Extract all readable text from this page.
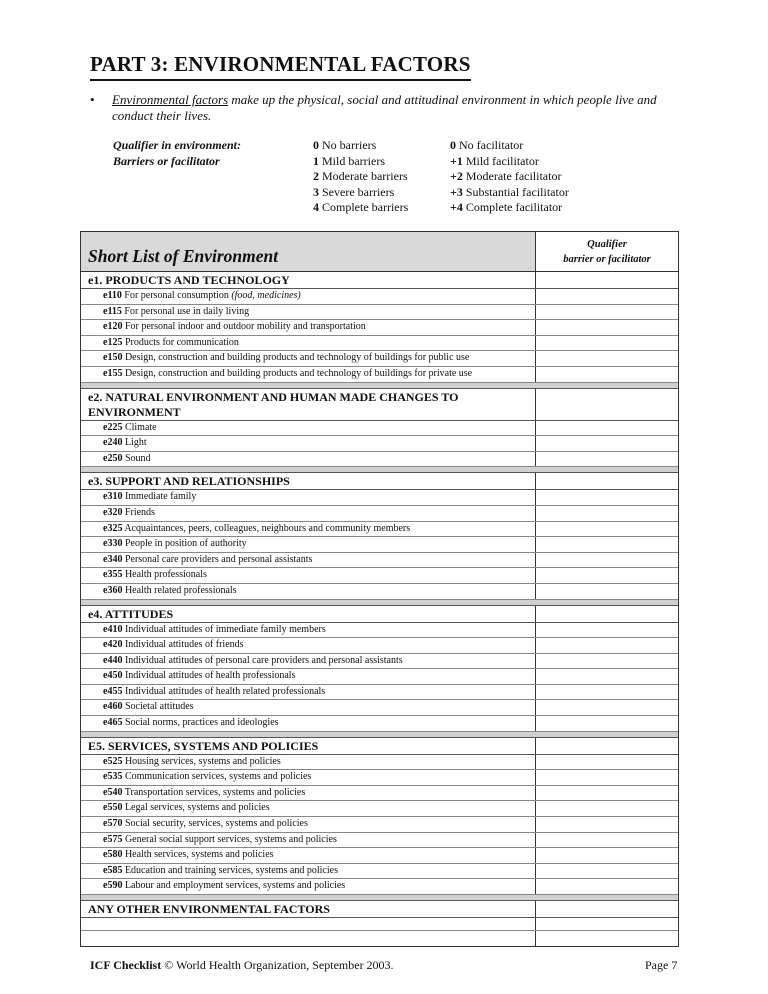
PART 3: ENVIRONMENTAL FACTORS
•	Environmental factors make up the physical, social and attitudinal environment in which people live and conduct their lives.
Qualifier in environment:
Barriers or facilitator
0 No barriers
1 Mild barriers
2 Moderate barriers
3 Severe barriers
4 Complete barriers
0 No facilitator
+1 Mild facilitator
+2 Moderate facilitator
+3 Substantial facilitator
+4 Complete facilitator
Short List of Environment
Qualifier
barrier or facilitator
e1. PRODUCTS AND TECHNOLOGY
e110 For personal consumption (food, medicines)
e115 For personal use in daily living
e120 For personal indoor and outdoor mobility and transportation
e125 Products for communication
e150 Design, construction and building products and technology of buildings for public use
e155 Design, construction and building products and technology of buildings for private use
e2. NATURAL ENVIRONMENT AND HUMAN MADE CHANGES TO ENVIRONMENT
e225 Climate
e240 Light
e250 Sound
e3. SUPPORT AND RELATIONSHIPS
e310 Immediate family
e320 Friends
e325 Acquaintances, peers, colleagues, neighbours and community members
e330 People in position of authority
e340 Personal care providers and personal assistants
e355 Health professionals
e360 Health related professionals
e4. ATTITUDES
e410 Individual attitudes of immediate family members
e420 Individual attitudes of friends
e440 Individual attitudes of personal care providers and personal assistants
e450 Individual attitudes of health professionals
e455 Individual attitudes of health related professionals
e460 Societal attitudes
e465 Social norms, practices and ideologies
E5. SERVICES, SYSTEMS AND POLICIES
e525 Housing services, systems and policies
e535 Communication services, systems and policies
e540 Transportation services, systems and policies
e550 Legal services, systems and policies
e570 Social security, services, systems and policies
e575 General social support services, systems and policies
e580 Health services, systems and policies
e585 Education and training services, systems and policies
e590 Labour and employment services, systems and policies
ANY OTHER ENVIRONMENTAL FACTORS
ICF Checklist © World Health Organization, September 2003.	Page 7
